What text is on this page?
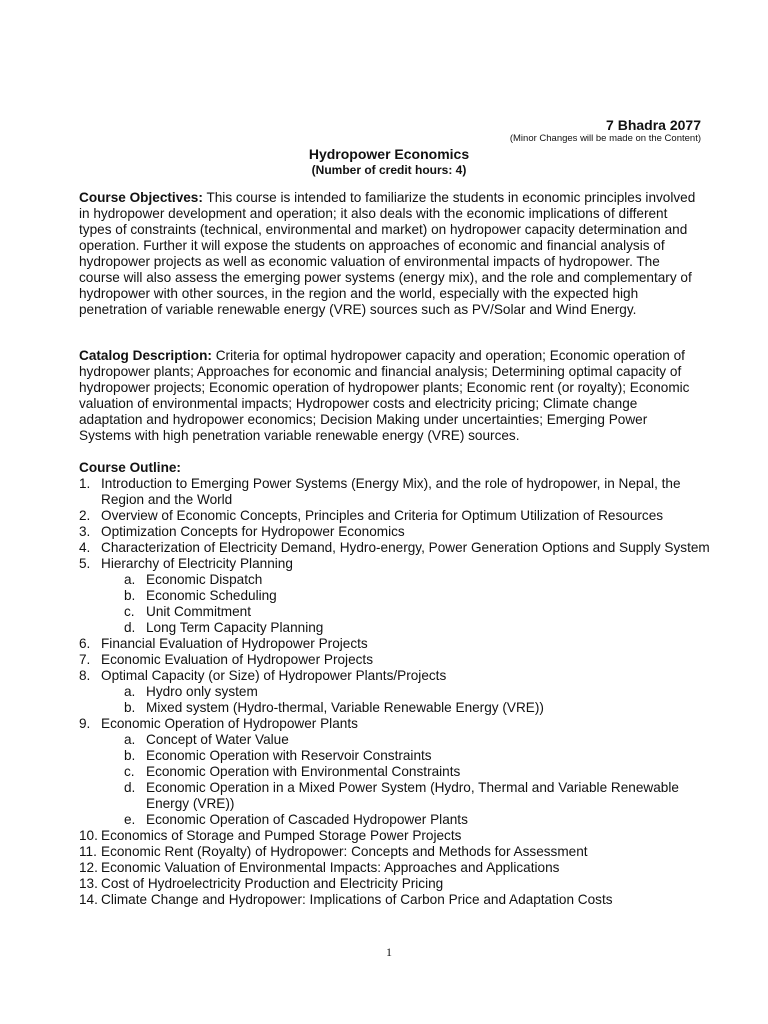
7 Bhadra 2077
(Minor Changes will be made on the Content)
Hydropower Economics
(Number of credit hours: 4)
Course Objectives: This course is intended to familiarize the students in economic principles involved in hydropower development and operation; it also deals with the economic implications of different types of constraints (technical, environmental and market) on hydropower capacity determination and operation. Further it will expose the students on approaches of economic and financial analysis of hydropower projects as well as economic valuation of environmental impacts of hydropower. The course will also assess the emerging power systems (energy mix), and the role and complementary of hydropower with other sources, in the region and the world, especially with the expected high penetration of variable renewable energy (VRE) sources such as PV/Solar and Wind Energy.
Catalog Description: Criteria for optimal hydropower capacity and operation; Economic operation of hydropower plants; Approaches for economic and financial analysis; Determining optimal capacity of hydropower projects; Economic operation of hydropower plants; Economic rent (or royalty); Economic valuation of environmental impacts; Hydropower costs and electricity pricing; Climate change adaptation and hydropower economics; Decision Making under uncertainties; Emerging Power Systems with high penetration variable renewable energy (VRE) sources.
Course Outline:
1. Introduction to Emerging Power Systems (Energy Mix), and the role of hydropower, in Nepal, the Region and the World
2. Overview of Economic Concepts, Principles and Criteria for Optimum Utilization of Resources
3. Optimization Concepts for Hydropower Economics
4. Characterization of Electricity Demand, Hydro-energy, Power Generation Options and Supply System
5. Hierarchy of Electricity Planning
a. Economic Dispatch
b. Economic Scheduling
c. Unit Commitment
d. Long Term Capacity Planning
6. Financial Evaluation of Hydropower Projects
7. Economic Evaluation of Hydropower Projects
8. Optimal Capacity (or Size) of Hydropower Plants/Projects
a. Hydro only system
b. Mixed system (Hydro-thermal, Variable Renewable Energy (VRE))
9. Economic Operation of Hydropower Plants
a. Concept of Water Value
b. Economic Operation with Reservoir Constraints
c. Economic Operation with Environmental Constraints
d. Economic Operation in a Mixed Power System (Hydro, Thermal and Variable Renewable Energy (VRE))
e. Economic Operation of Cascaded Hydropower Plants
10. Economics of Storage and Pumped Storage Power Projects
11. Economic Rent (Royalty) of Hydropower: Concepts and Methods for Assessment
12. Economic Valuation of Environmental Impacts: Approaches and Applications
13. Cost of Hydroelectricity Production and Electricity Pricing
14. Climate Change and Hydropower: Implications of Carbon Price and Adaptation Costs
1
